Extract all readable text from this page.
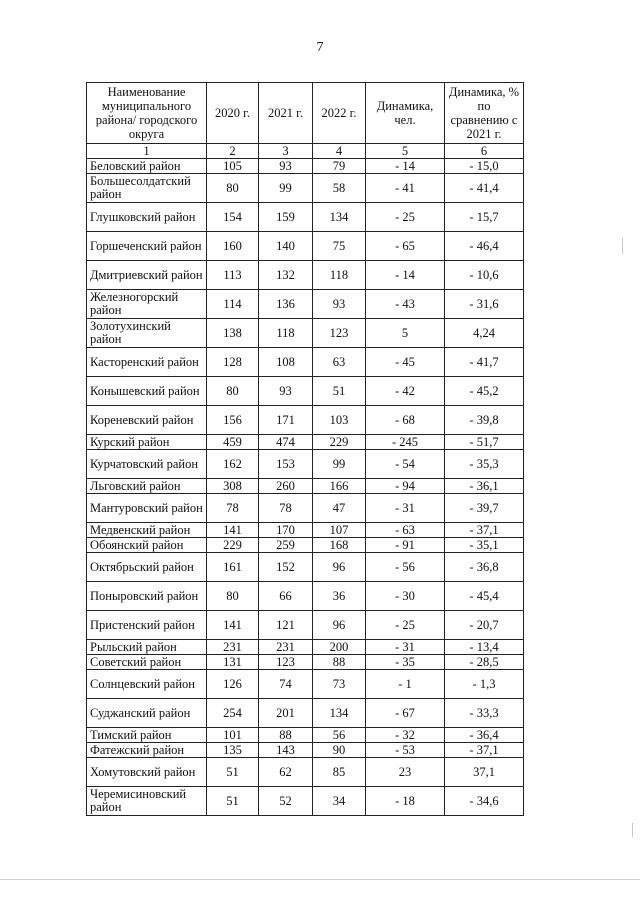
7
Наименование муниципального района/ городского округа	2020 г.	2021 г.	2022 г.	Динамика, чел.	Динамика, % по сравнению с 2021 г.
1	2	3	4	5	6
Беловский район	105	93	79	- 14	- 15,0
Большесолдатский район	80	99	58	- 41	- 41,4
Глушковский район	154	159	134	- 25	- 15,7
Горшеченский район	160	140	75	- 65	- 46,4
Дмитриевский район	113	132	118	- 14	- 10,6
Железногорский район	114	136	93	- 43	- 31,6
Золотухинский район	138	118	123	5	4,24
Касторенский район	128	108	63	- 45	- 41,7
Конышевский район	80	93	51	- 42	- 45,2
Кореневский район	156	171	103	- 68	- 39,8
Курский район	459	474	229	- 245	- 51,7
Курчатовский район	162	153	99	- 54	- 35,3
Льговский район	308	260	166	- 94	- 36,1
Мантуровский район	78	78	47	- 31	- 39,7
Медвенский район	141	170	107	- 63	- 37,1
Обоянский район	229	259	168	- 91	- 35,1
Октябрьский район	161	152	96	- 56	- 36,8
Поныровский район	80	66	36	- 30	- 45,4
Пристенский район	141	121	96	- 25	- 20,7
Рыльский район	231	231	200	- 31	- 13,4
Советский район	131	123	88	- 35	- 28,5
Солнцевский район	126	74	73	- 1	- 1,3
Суджанский район	254	201	134	- 67	- 33,3
Тимский район	101	88	56	- 32	- 36,4
Фатежский район	135	143	90	- 53	- 37,1
Хомутовский район	51	62	85	23	37,1
Черемисиновский район	51	52	34	- 18	- 34,6
